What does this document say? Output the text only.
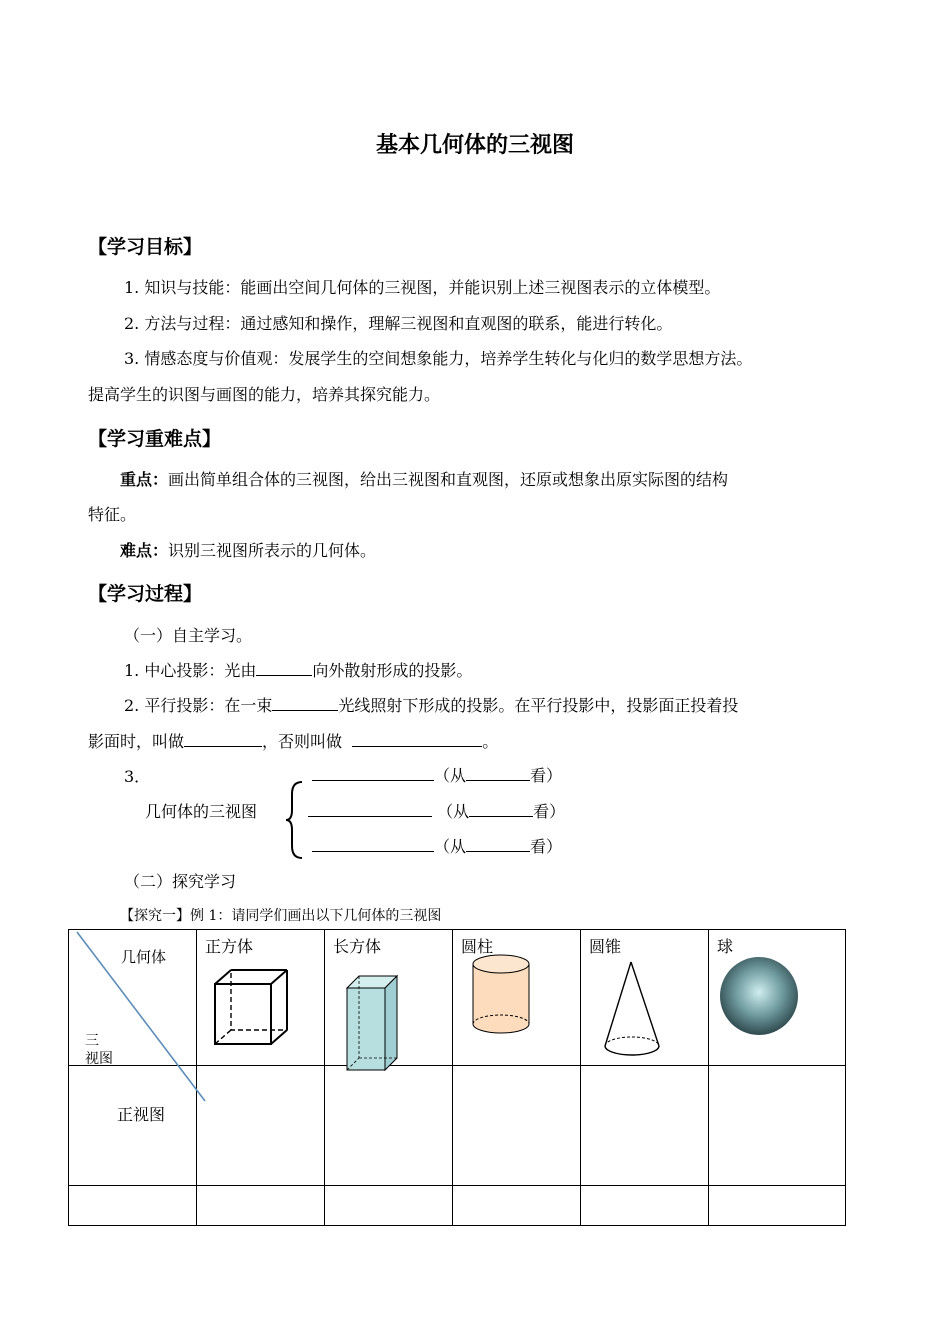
基本几何体的三视图
【学习目标】
1. 知识与技能：能画出空间几何体的三视图，并能识别上述三视图表示的立体模型。
2. 方法与过程：通过感知和操作，理解三视图和直观图的联系，能进行转化。
3. 情感态度与价值观：发展学生的空间想象能力，培养学生转化与化归的数学思想方法。
提高学生的识图与画图的能力，培养其探究能力。
【学习重难点】
重点：画出简单组合体的三视图，给出三视图和直观图，还原或想象出原实际图的结构
特征。
难点：识别三视图所表示的几何体。
【学习过程】
（一）自主学习。
1. 中心投影：光由	向外散射形成的投影。
2. 平行投影：在一束	光线照射下形成的投影。在平行投影中，投影面正投着投
影面时，叫做	，否则叫做	。
3．
几何体的三视图
（从	看）
（从	看）
（从	看）
（二）探究学习
【探究一】例 1：请同学们画出以下几何体的三视图
几何体
三
视图	正方体	长方体	圆柱	圆锥	球

正视图					
